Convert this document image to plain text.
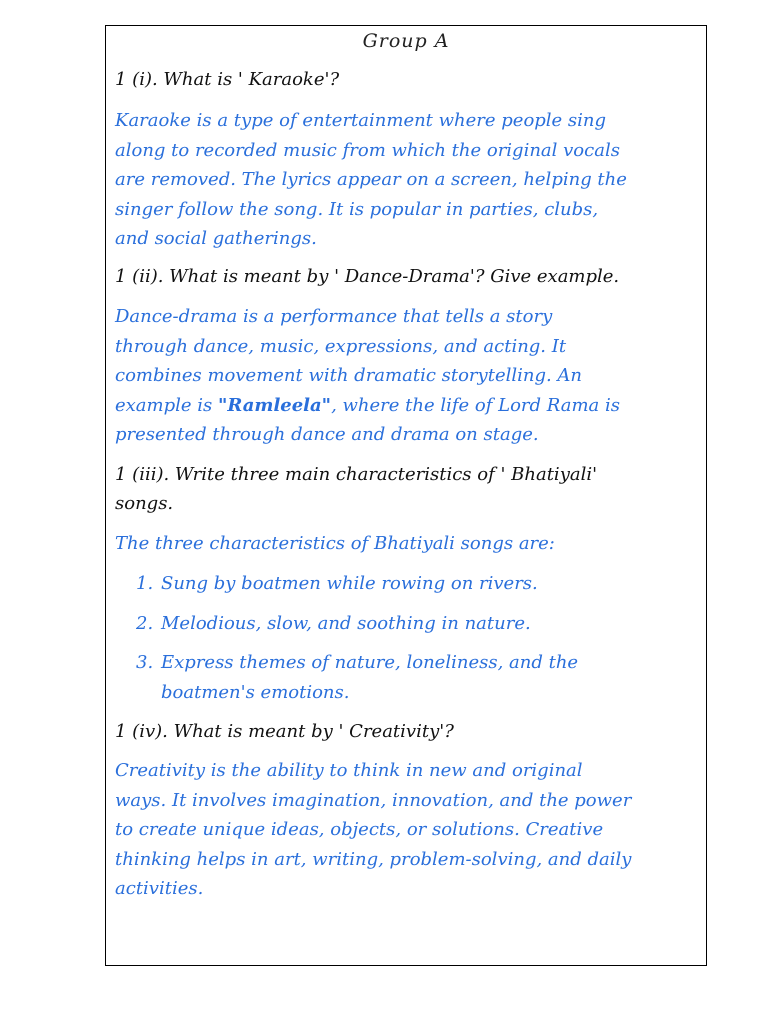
Group A
1 (i). What is ' Karaoke'?
Karaoke is a type of entertainment where people sing
along to recorded music from which the original vocals
are removed. The lyrics appear on a screen, helping the
singer follow the song. It is popular in parties, clubs,
and social gatherings.
1 (ii). What is meant by ' Dance-Drama'? Give example.
Dance-drama is a performance that tells a story
through dance, music, expressions, and acting. It
combines movement with dramatic storytelling. An
example is "Ramleela", where the life of Lord Rama is
presented through dance and drama on stage.
1 (iii). Write three main characteristics of ' Bhatiyali'
songs.
The three characteristics of Bhatiyali songs are:
1. Sung by boatmen while rowing on rivers.
2. Melodious, slow, and soothing in nature.
3. Express themes of nature, loneliness, and the
boatmen's emotions.
1 (iv). What is meant by ' Creativity'?
Creativity is the ability to think in new and original
ways. It involves imagination, innovation, and the power
to create unique ideas, objects, or solutions. Creative
thinking helps in art, writing, problem-solving, and daily
activities.
